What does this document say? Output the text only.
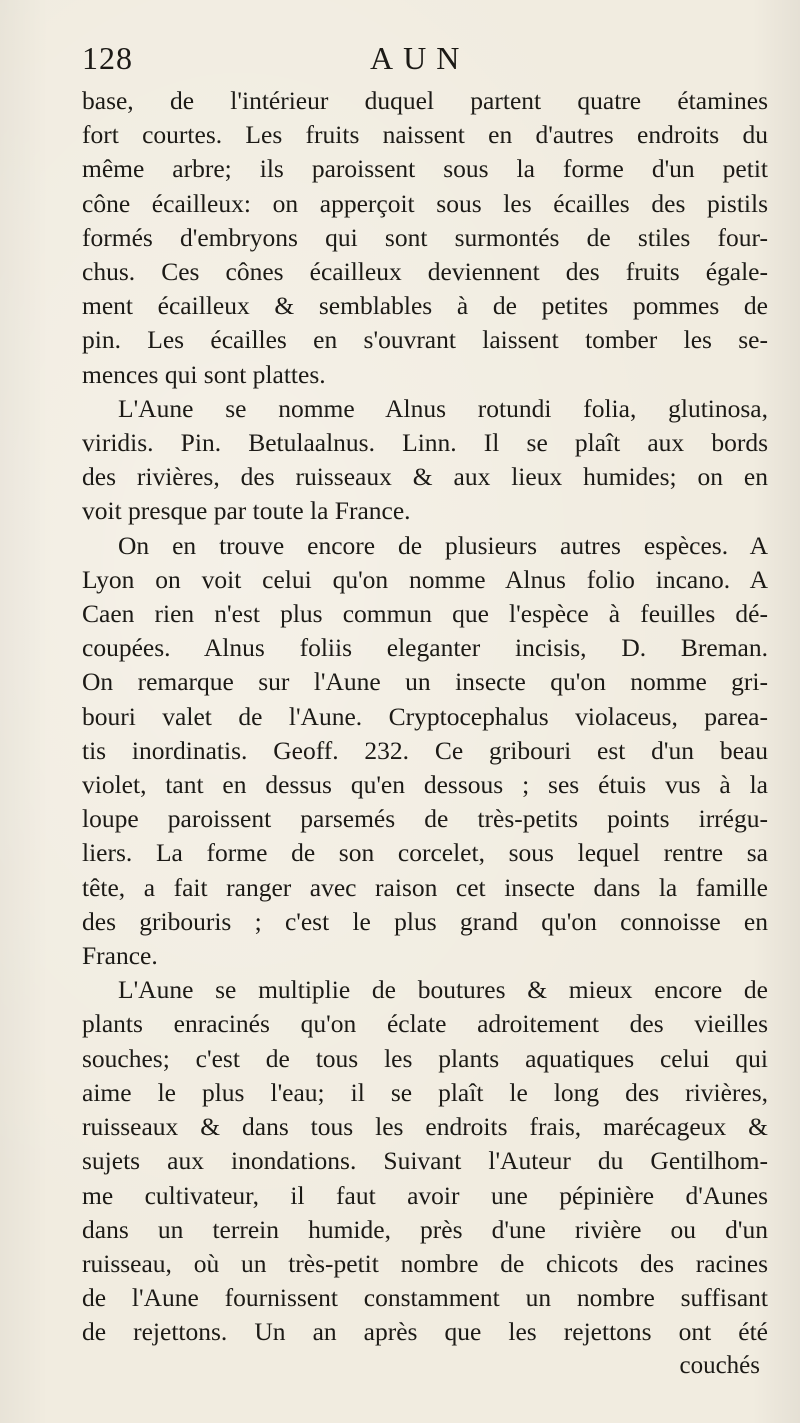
128	AUN

base, de l'intérieur duquel partent quatre étamines
fort courtes. Les fruits naissent en d'autres endroits du
même arbre; ils paroissent sous la forme d'un petit
cône écailleux: on apperçoit sous les écailles des pistils
formés d'embryons qui sont surmontés de stiles four-
chus. Ces cônes écailleux deviennent des fruits égale-
ment écailleux & semblables à de petites pommes de
pin. Les écailles en s'ouvrant laissent tomber les se-
mences qui sont plattes.

L'Aune se nomme Alnus rotundi folia, glutinosa,
viridis. Pin. Betulaalnus. Linn. Il se plaît aux bords
des rivières, des ruisseaux & aux lieux humides; on en
voit presque par toute la France.

On en trouve encore de plusieurs autres espèces. A
Lyon on voit celui qu'on nomme Alnus folio incano. A
Caen rien n'est plus commun que l'espèce à feuilles dé-
coupées. Alnus foliis eleganter incisis, D. Breman.
On remarque sur l'Aune un insecte qu'on nomme gri-
bouri valet de l'Aune. Cryptocephalus violaceus, parea-
tis inordinatis. Geoff. 232. Ce gribouri est d'un beau
violet, tant en dessus qu'en dessous ; ses étuis vus à la
loupe paroissent parsemés de très-petits points irrégu-
liers. La forme de son corcelet, sous lequel rentre sa
tête, a fait ranger avec raison cet insecte dans la famille
des gribouris ; c'est le plus grand qu'on connoisse en
France.

L'Aune se multiplie de boutures & mieux encore de
plants enracinés qu'on éclate adroitement des vieilles
souches; c'est de tous les plants aquatiques celui qui
aime le plus l'eau; il se plaît le long des rivières,
ruisseaux & dans tous les endroits frais, marécageux &
sujets aux inondations. Suivant l'Auteur du Gentilhom-
me cultivateur, il faut avoir une pépinière d'Aunes
dans un terrein humide, près d'une rivière ou d'un
ruisseau, où un très-petit nombre de chicots des racines
de l'Aune fournissent constamment un nombre suffisant
de rejettons. Un an après que les rejettons ont été

couchés
